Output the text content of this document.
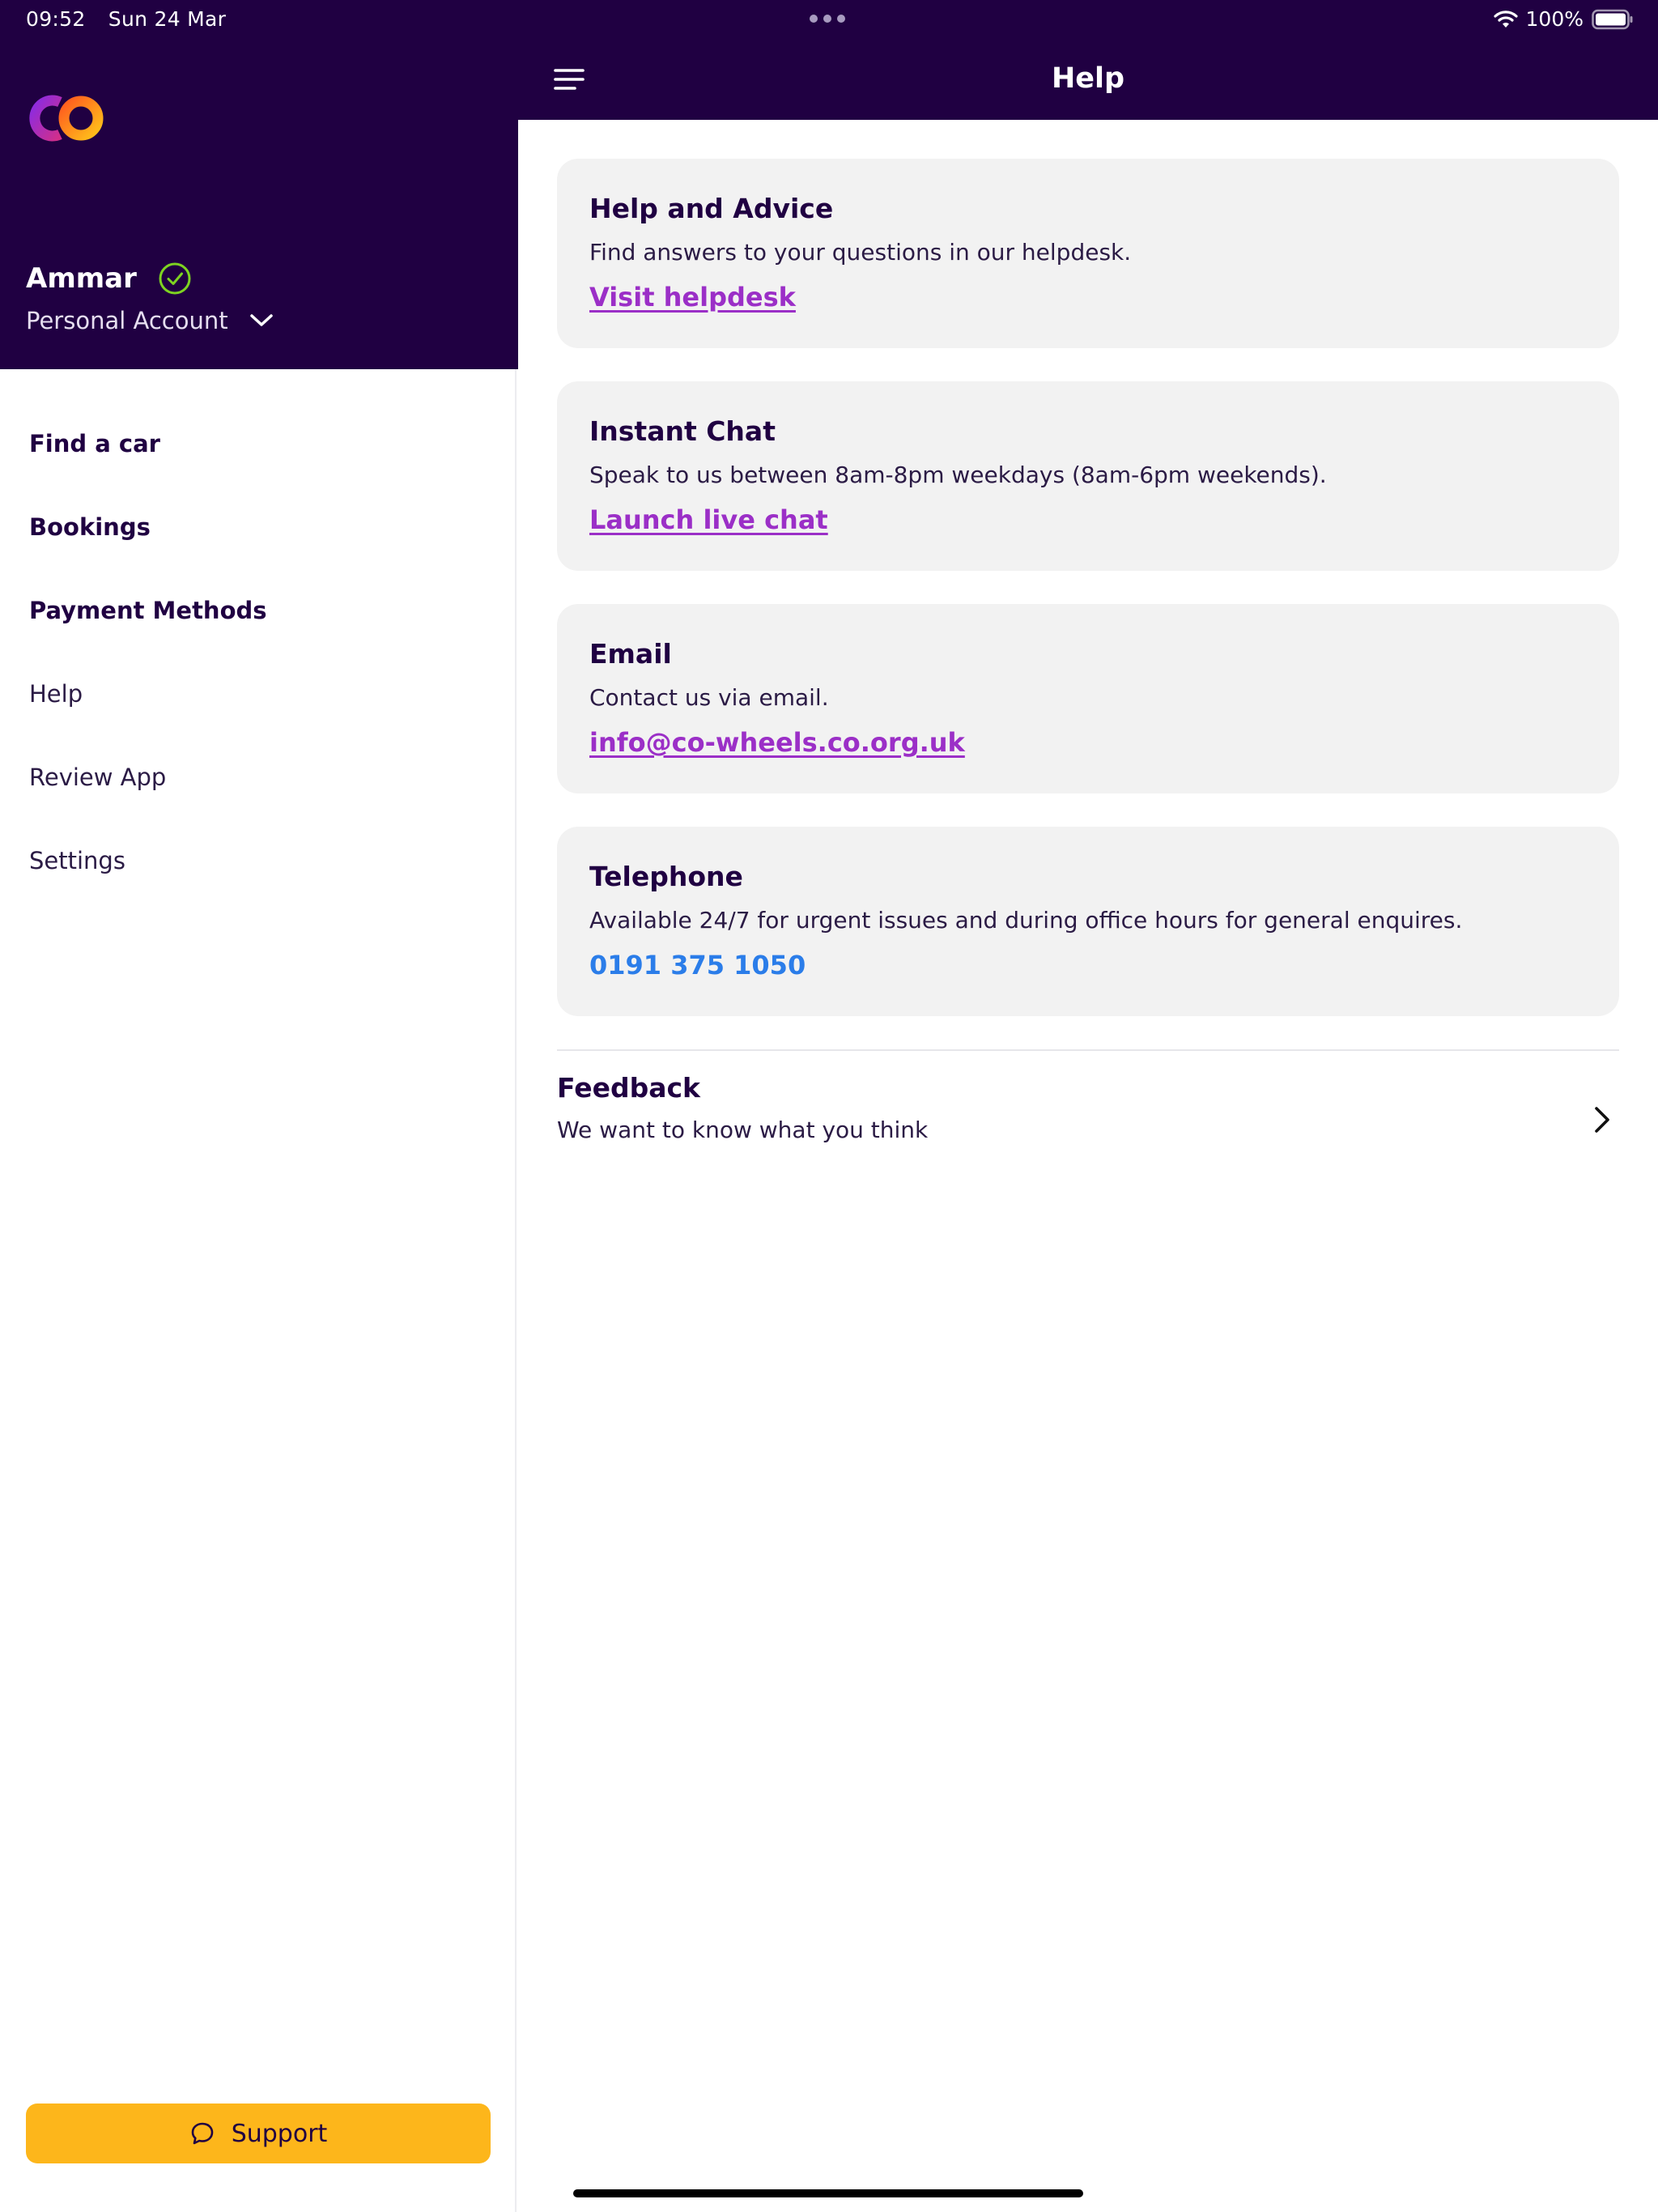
09:52 Sun 24 Mar
Ammar
Personal Account
Find a car
Bookings
Payment Methods
Help
Review App
Settings
Support
100%
Help
Help and Advice
Find answers to your questions in our helpdesk.
Visit helpdesk
Instant Chat
Speak to us between 8am-8pm weekdays (8am-6pm weekends).
Launch live chat
Email
Contact us via email.
info@co-wheels.co.org.uk
Telephone
Available 24/7 for urgent issues and during office hours for general enquires.
0191 375 1050
Feedback
We want to know what you think
